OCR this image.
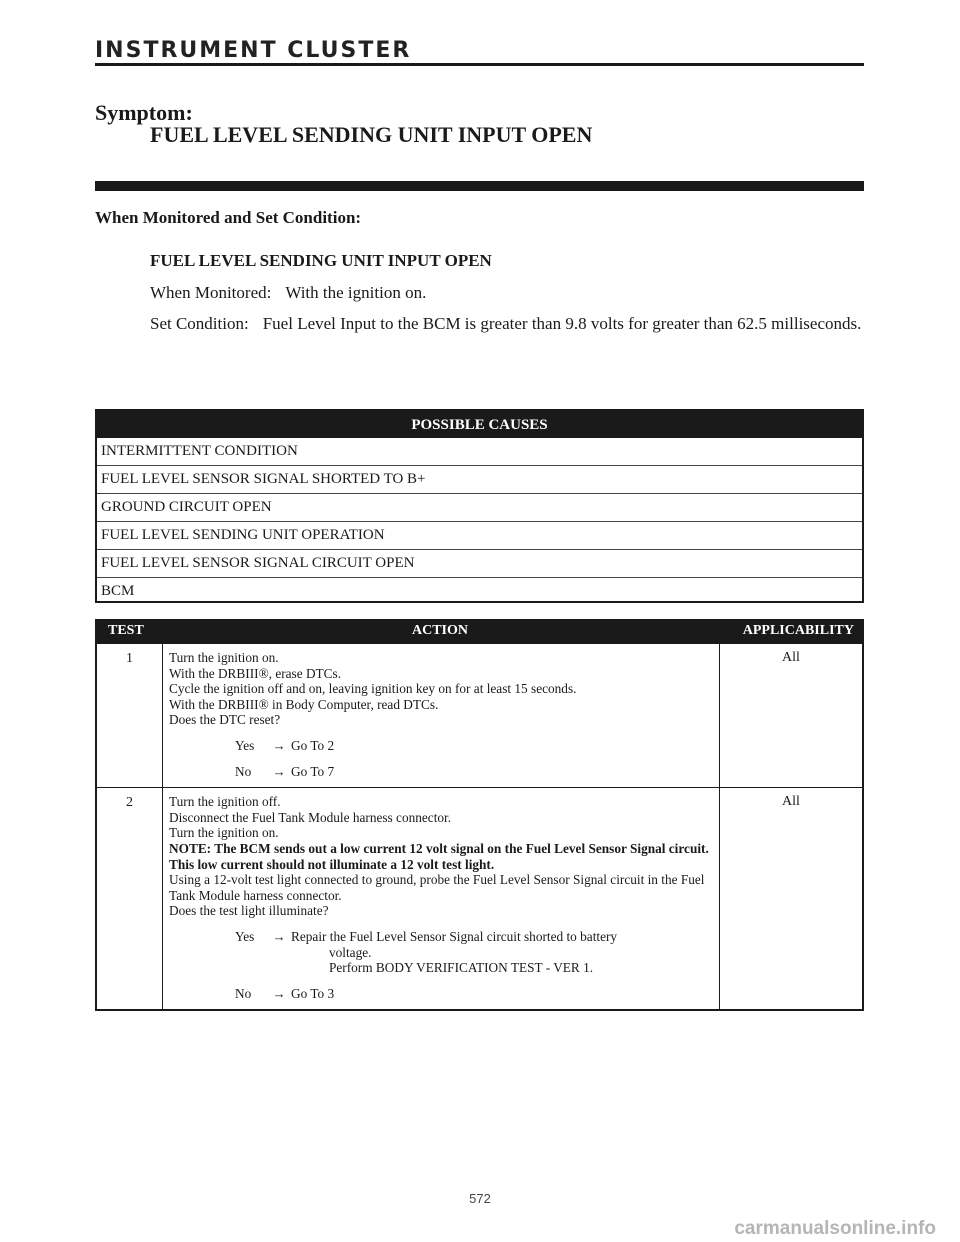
INSTRUMENT CLUSTER
Symptom:
FUEL LEVEL SENDING UNIT INPUT OPEN
When Monitored and Set Condition:
FUEL LEVEL SENDING UNIT INPUT OPEN
When Monitored: With the ignition on.
Set Condition: Fuel Level Input to the BCM is greater than 9.8 volts for greater than 62.5 milliseconds.
POSSIBLE CAUSES
INTERMITTENT CONDITION
FUEL LEVEL SENSOR SIGNAL SHORTED TO B+
GROUND CIRCUIT OPEN
FUEL LEVEL SENDING UNIT OPERATION
FUEL LEVEL SENSOR SIGNAL CIRCUIT OPEN
BCM
TEST	ACTION	APPLICABILITY
1	Turn the ignition on.
With the DRBIII®, erase DTCs.
Cycle the ignition off and on, leaving ignition key on for at least 15 seconds.
With the DRBIII® in Body Computer, read DTCs.
Does the DTC reset?
Yes	→ Go To 2
No	→ Go To 7
All
2	Turn the ignition off.
Disconnect the Fuel Tank Module harness connector.
Turn the ignition on.
NOTE: The BCM sends out a low current 12 volt signal on the Fuel Level Sensor Signal circuit. This low current should not illuminate a 12 volt test light.
Using a 12-volt test light connected to ground, probe the Fuel Level Sensor Signal circuit in the Fuel Tank Module harness connector.
Does the test light illuminate?
Yes	→ Repair the Fuel Level Sensor Signal circuit shorted to battery
voltage.
Perform BODY VERIFICATION TEST - VER 1.
No	→ Go To 3
All
572
carmanualsonline.info
